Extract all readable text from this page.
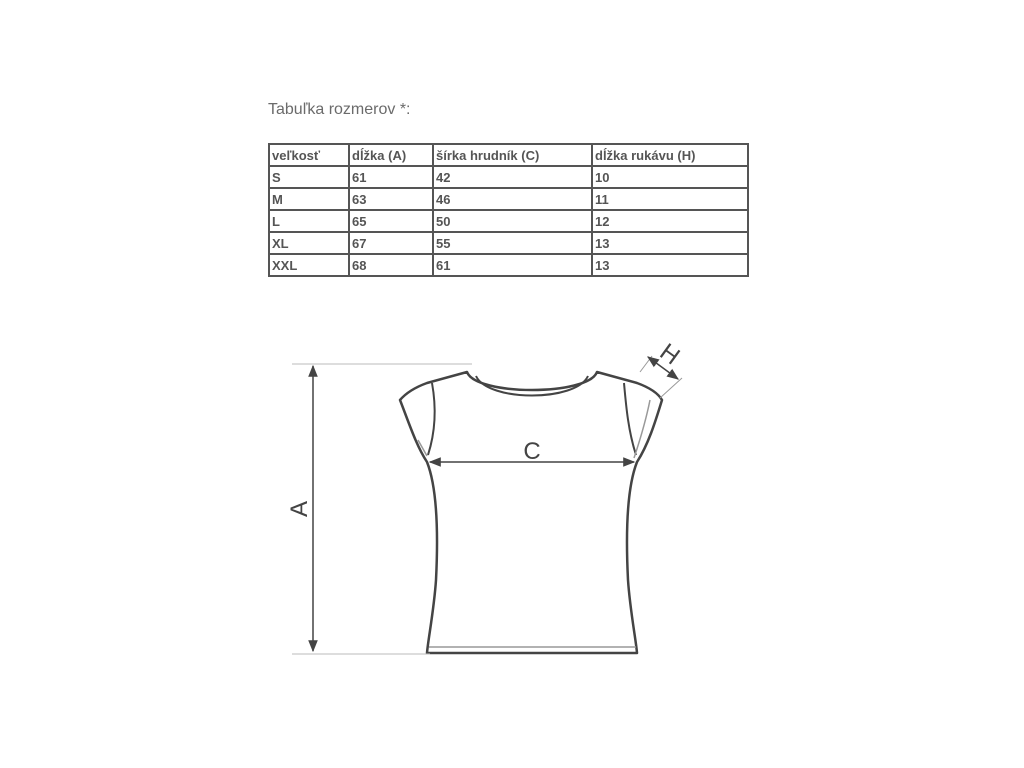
Tabuľka rozmerov *:
veľkosť	dĺžka (A)	šírka hrudník (C)	dĺžka rukávu (H)
S	61	42	10
M	63	46	11
L	65	50	12
XL	67	55	13
XXL	68	61	13
A
C
H
